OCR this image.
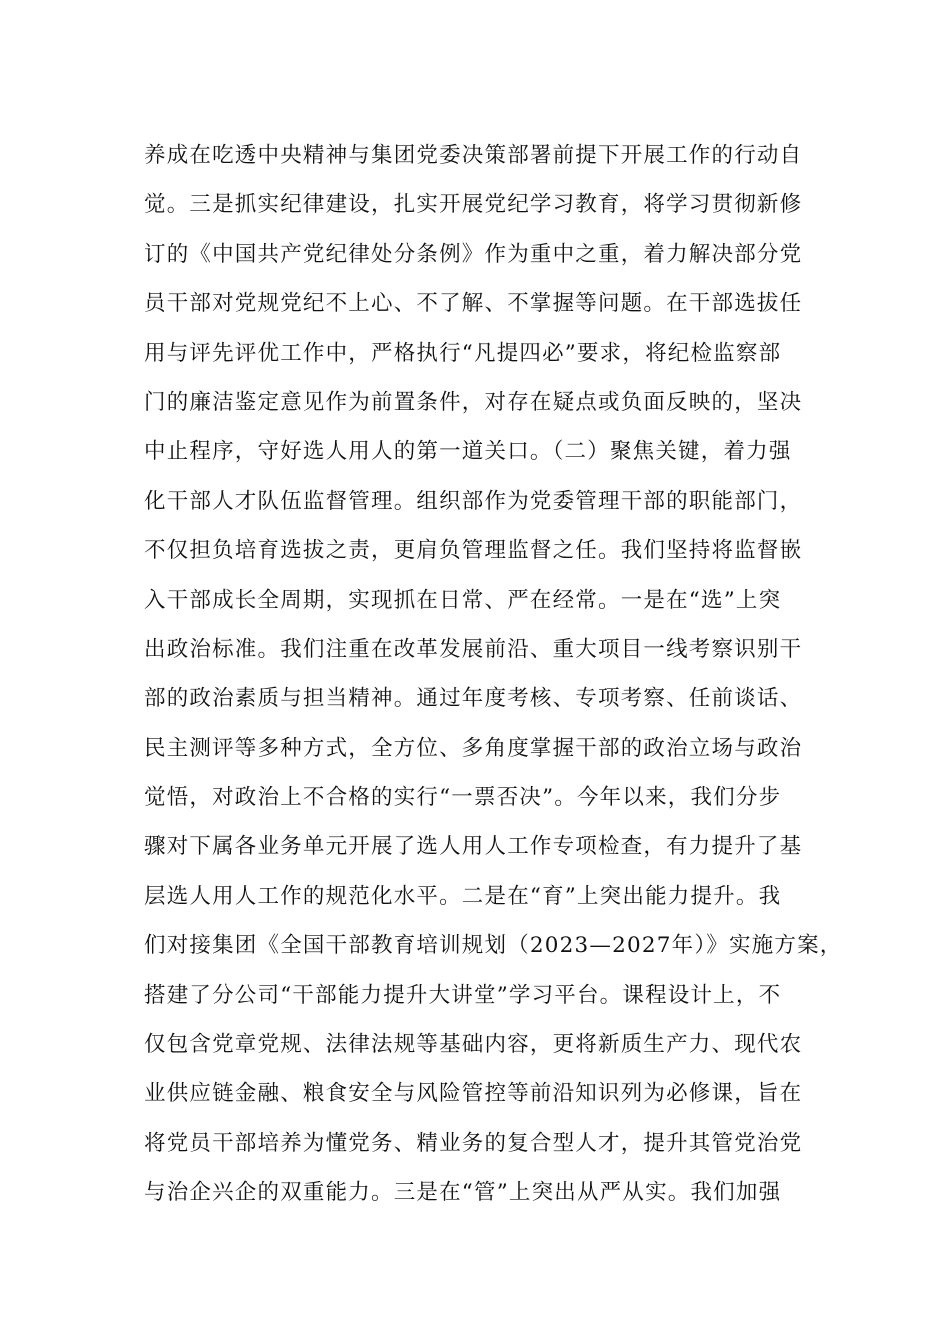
养成在吃透中央精神与集团党委决策部署前提下开展工作的行动自
觉。三是抓实纪律建设，扎实开展党纪学习教育，将学习贯彻新修
订的《中国共产党纪律处分条例》作为重中之重，着力解决部分党
员干部对党规党纪不上心、不了解、不掌握等问题。在干部选拔任
用与评先评优工作中，严格执行“凡提四必”要求，将纪检监察部
门的廉洁鉴定意见作为前置条件，对存在疑点或负面反映的，坚决
中止程序，守好选人用人的第一道关口。（二）聚焦关键，着力强
化干部人才队伍监督管理。组织部作为党委管理干部的职能部门，
不仅担负培育选拔之责，更肩负管理监督之任。我们坚持将监督嵌
入干部成长全周期，实现抓在日常、严在经常。一是在“选”上突
出政治标准。我们注重在改革发展前沿、重大项目一线考察识别干
部的政治素质与担当精神。通过年度考核、专项考察、任前谈话、
民主测评等多种方式，全方位、多角度掌握干部的政治立场与政治
觉悟，对政治上不合格的实行“一票否决”。今年以来，我们分步
骤对下属各业务单元开展了选人用人工作专项检查，有力提升了基
层选人用人工作的规范化水平。二是在“育”上突出能力提升。我
们对接集团《全国干部教育培训规划（2023—2027年）》实施方案，
搭建了分公司“干部能力提升大讲堂”学习平台。课程设计上，不
仅包含党章党规、法律法规等基础内容，更将新质生产力、现代农
业供应链金融、粮食安全与风险管控等前沿知识列为必修课，旨在
将党员干部培养为懂党务、精业务的复合型人才，提升其管党治党
与治企兴企的双重能力。三是在“管”上突出从严从实。我们加强
